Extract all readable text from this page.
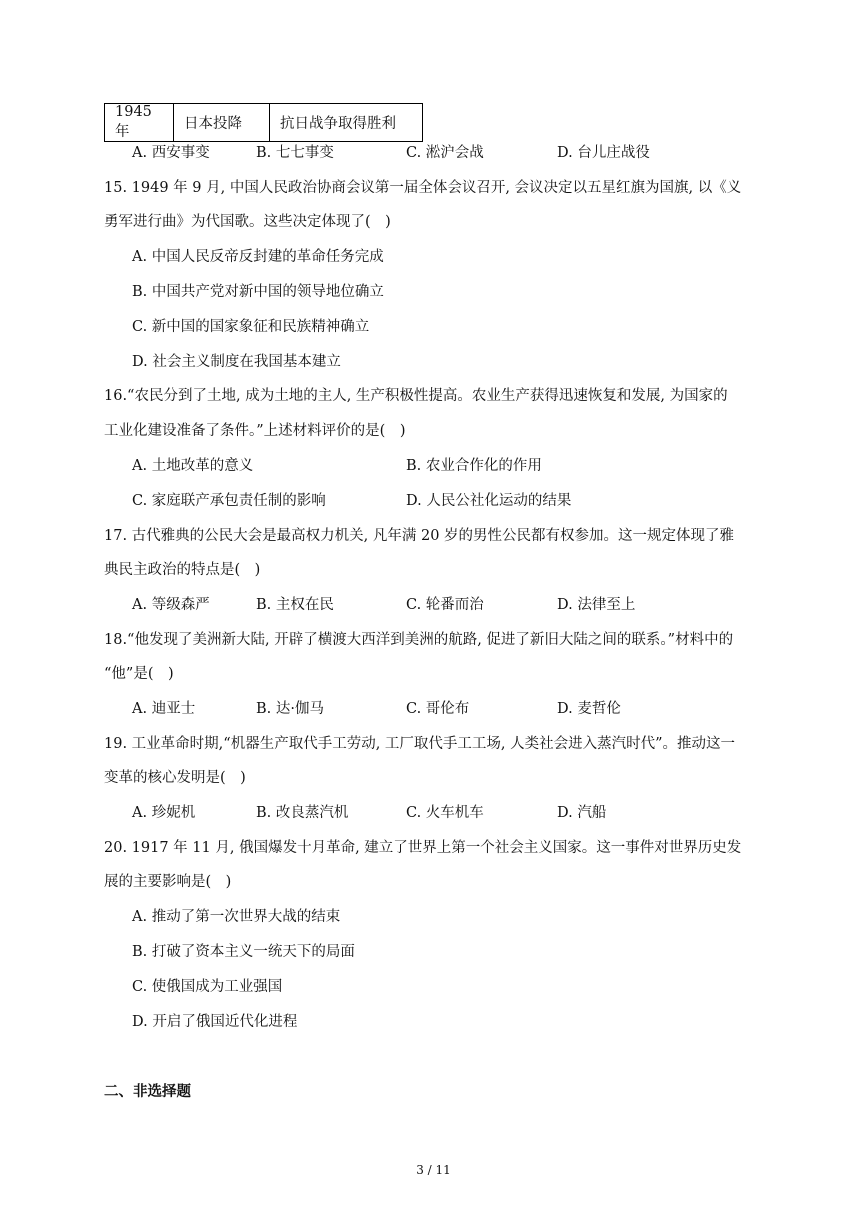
1945 年	日本投降	抗日战争取得胜利
A. 西安事变	B. 七七事变	C. 淞沪会战	D. 台儿庄战役
15. 1949 年 9 月, 中国人民政治协商会议第一届全体会议召开, 会议决定以五星红旗为国旗, 以《义
勇军进行曲》为代国歌。这些决定体现了(　)
A. 中国人民反帝反封建的革命任务完成
B. 中国共产党对新中国的领导地位确立
C. 新中国的国家象征和民族精神确立
D. 社会主义制度在我国基本建立
16.“农民分到了土地, 成为土地的主人, 生产积极性提高。农业生产获得迅速恢复和发展, 为国家的
工业化建设准备了条件。”上述材料评价的是(　)
A. 土地改革的意义	B. 农业合作化的作用
C. 家庭联产承包责任制的影响	D. 人民公社化运动的结果
17. 古代雅典的公民大会是最高权力机关, 凡年满 20 岁的男性公民都有权参加。这一规定体现了雅
典民主政治的特点是(　)
A. 等级森严	B. 主权在民	C. 轮番而治	D. 法律至上
18.“他发现了美洲新大陆, 开辟了横渡大西洋到美洲的航路, 促进了新旧大陆之间的联系。”材料中的
“他”是(　)
A. 迪亚士	B. 达·伽马	C. 哥伦布	D. 麦哲伦
19. 工业革命时期,“机器生产取代手工劳动, 工厂取代手工工场, 人类社会进入蒸汽时代”。推动这一
变革的核心发明是(　)
A. 珍妮机	B. 改良蒸汽机	C. 火车机车	D. 汽船
20. 1917 年 11 月, 俄国爆发十月革命, 建立了世界上第一个社会主义国家。这一事件对世界历史发
展的主要影响是(　)
A. 推动了第一次世界大战的结束
B. 打破了资本主义一统天下的局面
C. 使俄国成为工业强国
D. 开启了俄国近代化进程
二、非选择题
3 / 11
